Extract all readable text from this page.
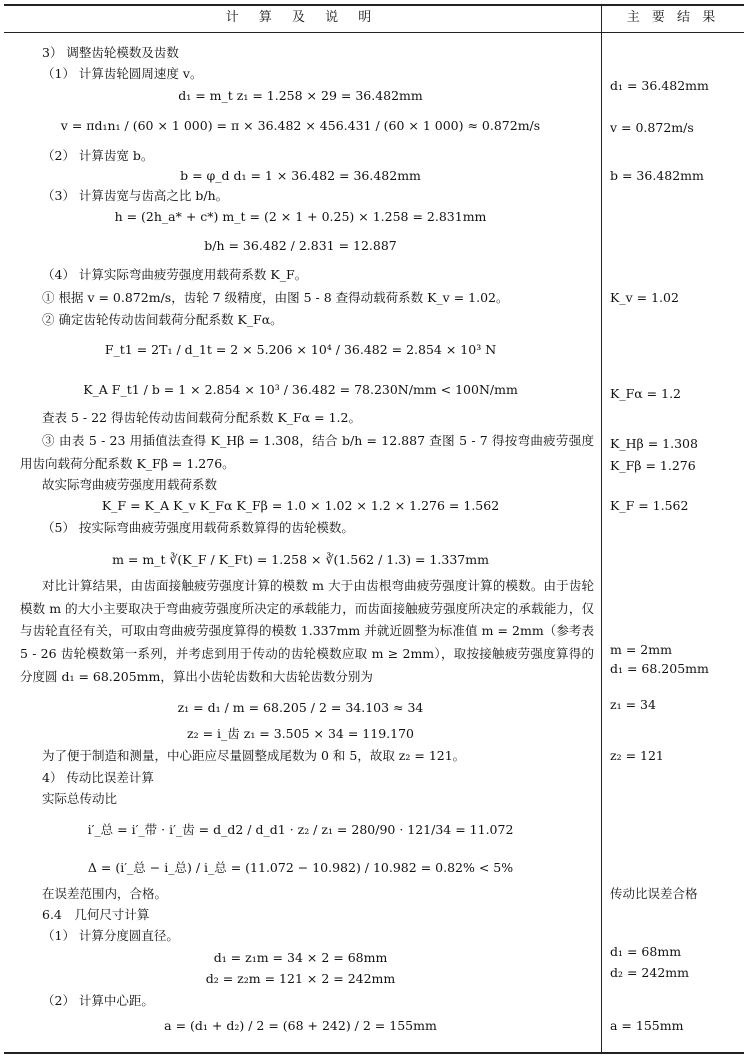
计 算 及 说 明	主 要 结 果
3） 调整齿轮模数及齿数
（1） 计算齿轮圆周速度 v。
d₁ = m_t z₁ = 1.258 × 29 = 36.482mm
v = πd₁n₁ / (60 × 1 000) = π × 36.482 × 456.431 / (60 × 1 000) ≈ 0.872m/s
（2） 计算齿宽 b。
b = φ_d d₁ = 1 × 36.482 = 36.482mm
（3） 计算齿宽与齿高之比 b/h。
h = (2h_a* + c*) m_t = (2 × 1 + 0.25) × 1.258 = 2.831mm
b/h = 36.482 / 2.831 = 12.887
（4） 计算实际弯曲疲劳强度用载荷系数 K_F。
① 根据 v = 0.872m/s，齿轮 7 级精度，由图 5 - 8 查得动载荷系数 K_v = 1.02。
② 确定齿轮传动齿间载荷分配系数 K_Fα。
F_t1 = 2T₁ / d_1t = 2 × 5.206 × 10⁴ / 36.482 = 2.854 × 10³ N
K_A F_t1 / b = 1 × 2.854 × 10³ / 36.482 = 78.230N/mm < 100N/mm
查表 5 - 22 得齿轮传动齿间载荷分配系数 K_Fα = 1.2。
③ 由表 5 - 23 用插值法查得 K_Hβ = 1.308，结合 b/h = 12.887 查图 5 - 7 得按弯曲疲劳强度用齿向载荷分配系数 K_Fβ = 1.276。
故实际弯曲疲劳强度用载荷系数
K_F = K_A K_v K_Fα K_Fβ = 1.0 × 1.02 × 1.2 × 1.276 = 1.562
（5） 按实际弯曲疲劳强度用载荷系数算得的齿轮模数。
m = m_t ∛(K_F / K_Ft) = 1.258 × ∛(1.562 / 1.3) = 1.337mm
对比计算结果，由齿面接触疲劳强度计算的模数 m 大于由齿根弯曲疲劳强度计算的模数。由于齿轮模数 m 的大小主要取决于弯曲疲劳强度所决定的承载能力，而齿面接触疲劳强度所决定的承载能力，仅与齿轮直径有关，可取由弯曲疲劳强度算得的模数 1.337mm 并就近圆整为标准值 m = 2mm（参考表 5 - 26 齿轮模数第一系列，并考虑到用于传动的齿轮模数应取 m ≥ 2mm），取按接触疲劳强度算得的分度圆 d₁ = 68.205mm，算出小齿轮齿数和大齿轮齿数分别为
z₁ = d₁ / m = 68.205 / 2 = 34.103 ≈ 34
z₂ = i_齿 z₁ = 3.505 × 34 = 119.170
为了便于制造和测量，中心距应尽量圆整成尾数为 0 和 5，故取 z₂ = 121。
4） 传动比误差计算
实际总传动比
i′_总 = i′_带 · i′_齿 = d_d2 / d_d1 · z₂ / z₁ = 280/90 · 121/34 = 11.072
Δ = (i′_总 − i_总) / i_总 = (11.072 − 10.982) / 10.982 = 0.82% < 5%
在误差范围内，合格。
6.4　几何尺寸计算
（1） 计算分度圆直径。
d₁ = z₁m = 34 × 2 = 68mm
d₂ = z₂m = 121 × 2 = 242mm
（2） 计算中心距。
a = (d₁ + d₂) / 2 = (68 + 242) / 2 = 155mm
d₁ = 36.482mm
v = 0.872m/s
b = 36.482mm
K_v = 1.02
K_Fα = 1.2
K_Hβ = 1.308
K_Fβ = 1.276
K_F = 1.562
m = 2mm
d₁ = 68.205mm
z₁ = 34
z₂ = 121
传动比误差合格
d₁ = 68mm
d₂ = 242mm
a = 155mm
